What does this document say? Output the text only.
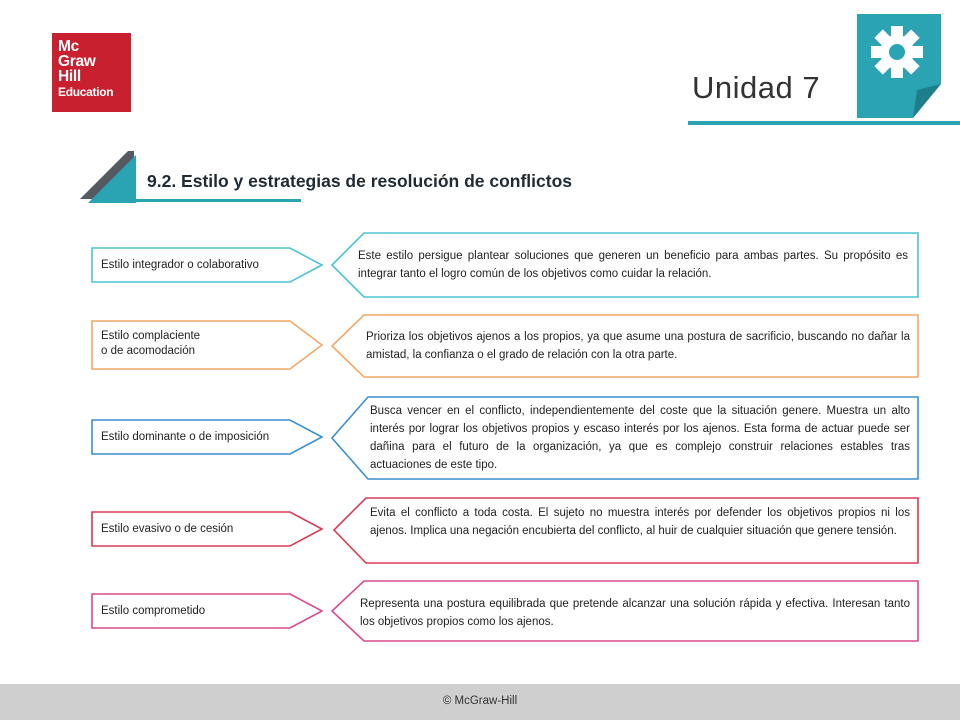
Mc
Graw
Hill
Education	Unidad 7
9.2. Estilo y estrategias de resolución de conflictos
Estilo integrador o colaborativo
Este estilo persigue plantear soluciones que generen un beneficio para ambas partes. Su propósito es integrar tanto el logro común de los objetivos como cuidar la relación.
Estilo complaciente
o de acomodación
Prioriza los objetivos ajenos a los propios, ya que asume una postura de sacrificio, buscando no dañar la amistad, la confianza o el grado de relación con la otra parte.
Estilo dominante o de imposición
Busca vencer en el conflicto, independientemente del coste que la situación genere. Muestra un alto interés por lograr los objetivos propios y escaso interés por los ajenos. Esta forma de actuar puede ser dañina para el futuro de la organización, ya que es complejo construir relaciones estables tras actuaciones de este tipo.
Estilo evasivo o de cesión
Evita el conflicto a toda costa. El sujeto no muestra interés por defender los objetivos propios ni los ajenos. Implica una negación encubierta del conflicto, al huir de cualquier situación que genere tensión.
Estilo comprometido
Representa una postura equilibrada que pretende alcanzar una solución rápida y efectiva. Interesan tanto los objetivos propios como los ajenos.
© McGraw-Hill
